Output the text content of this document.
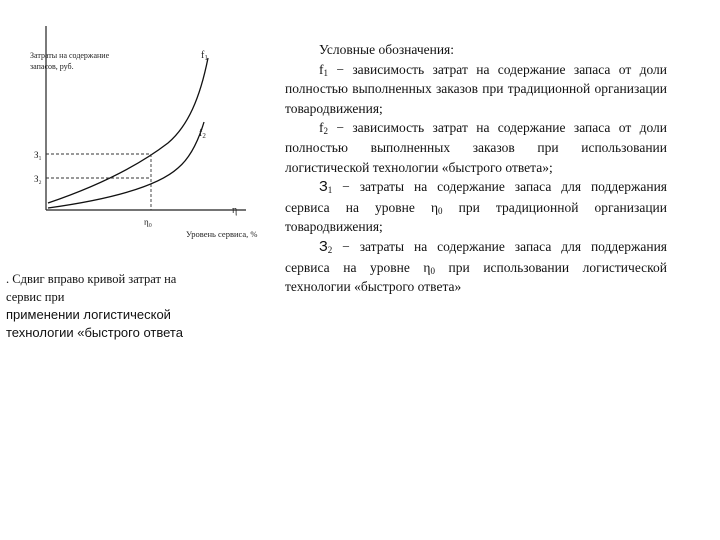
Затраты на содержание
запасов, руб.
$f_1$
$f_2$
З₁
З₂
η₀
η
Уровень сервиса, %
. Сдвиг вправо кривой затрат на
сервис при
применении логистической
технологии «быстрого ответа

Условные обозначения:

$f_1$ − зависимость затрат на содержание запаса от доли полностью выполненных заказов при традиционной организации товародвижения;

$f_2$ − зависимость затрат на содержание запаса от доли полностью выполненных заказов при использовании логистической технологии «быстрого ответа»;

$З_1$ − затраты на содержание запаса для поддержания сервиса на уровне $\eta_0$ при традиционной организации товародвижения;

$З_2$ − затраты на содержание запаса для поддержания сервиса на уровне $\eta_0$ при использовании логистической технологии «быстрого ответа»
